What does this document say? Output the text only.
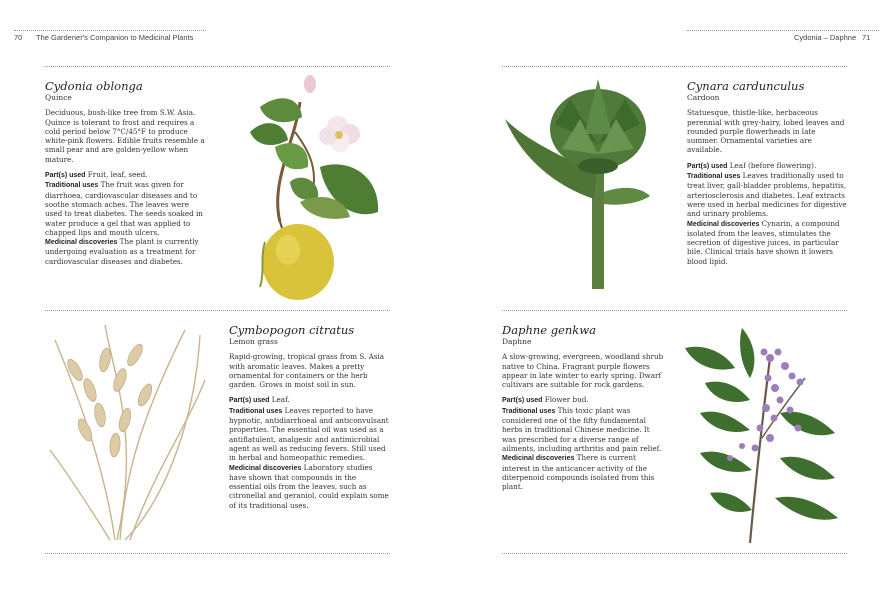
70 The Gardener's Companion to Medicinal Plants	Cydonia – Daphne 71
Cydonia oblonga
Quince

Deciduous, bush-like tree from S.W. Asia. Quince is tolerant to frost and requires a cold period below 7°C/45°F to produce white-pink flowers. Edible fruits resemble a small pear and are golden-yellow when mature.

Part(s) used Fruit, leaf, seed.
Traditional uses The fruit was given for diarrhoea, cardiovascular diseases and to soothe stomach aches. The leaves were used to treat diabetes. The seeds soaked in water produce a gel that was applied to chapped lips and mouth ulcers.
Medicinal discoveries The plant is currently undergoing evaluation as a treatment for cardiovascular diseases and diabetes.
Cymbopogon citratus
Lemon grass

Rapid-growing, tropical grass from S. Asia with aromatic leaves. Makes a pretty ornamental for containers or the herb garden. Grows in moist soil in sun.

Part(s) used Leaf.
Traditional uses Leaves reported to have hypnotic, antidiarrhoeal and anticonvulsant properties. The essential oil was used as a antiflatulent, analgesic and antimicrobial agent as well as reducing fevers. Still used in herbal and homeopathic remedies.
Medicinal discoveries Laboratory studies have shown that compounds in the essential oils from the leaves, such as citronellal and geraniol, could explain some of its traditional uses.
Cynara cardunculus
Cardoon

Statuesque, thistle-like, herbaceous perennial with grey-hairy, lobed leaves and rounded purple flowerheads in late summer. Ornamental varieties are available.

Part(s) used Leaf (before flowering).
Traditional uses Leaves traditionally used to treat liver, gall-bladder problems, hepatitis, arteriosclerosis and diabetes. Leaf extracts were used in herbal medicines for digestive and urinary problems.
Medicinal discoveries Cynarin, a compound isolated from the leaves, stimulates the secretion of digestive juices, in particular bile. Clinical trials have shown it lowers blood lipid.
Daphne genkwa
Daphne

A slow-growing, evergreen, woodland shrub native to China. Fragrant purple flowers appear in late winter to early spring. Dwarf cultivars are suitable for rock gardens.

Part(s) used Flower bud.
Traditional uses This toxic plant was considered one of the fifty fundamental herbs in traditional Chinese medicine. It was prescribed for a diverse range of ailments, including arthritis and pain relief.
Medicinal discoveries There is current interest in the anticancer activity of the diterpenoid compounds isolated from this plant.
